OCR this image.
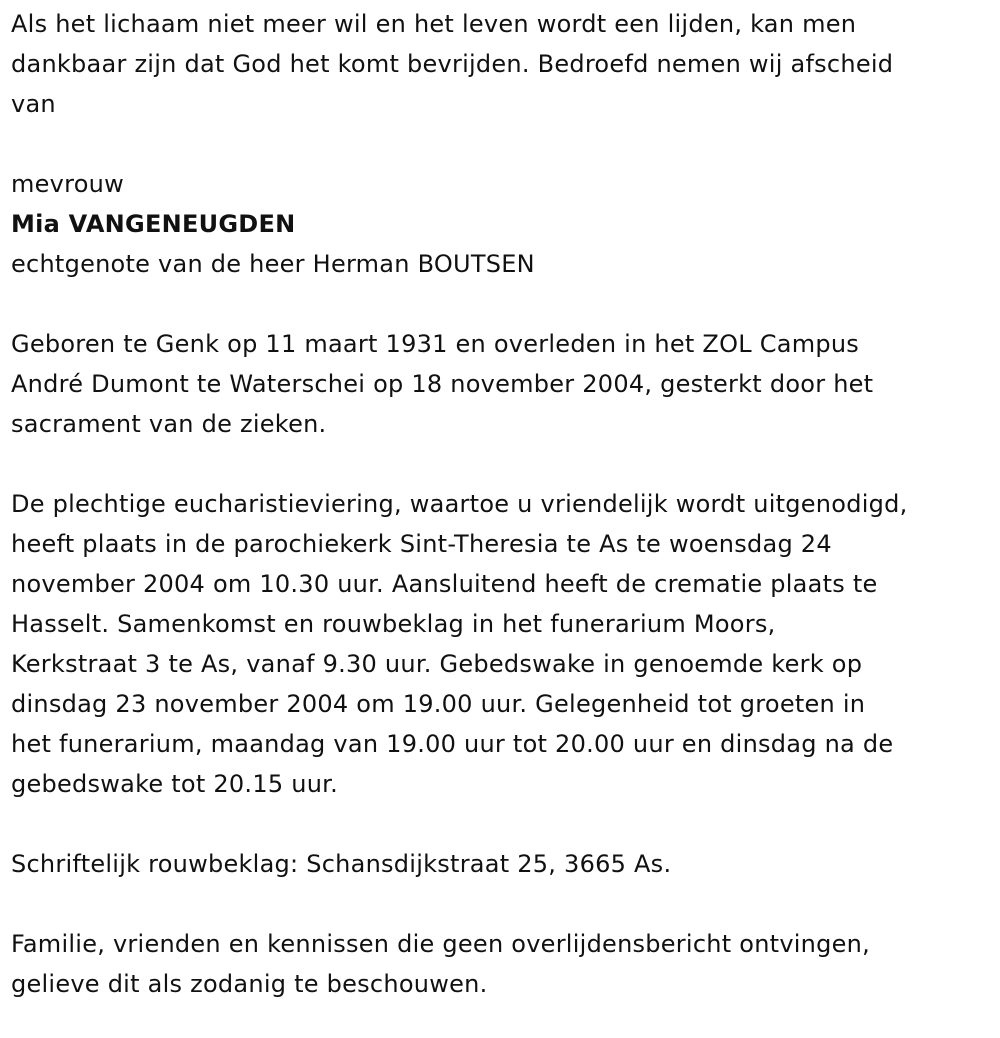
Als het lichaam niet meer wil en het leven wordt een lijden, kan men
dankbaar zijn dat God het komt bevrijden. Bedroefd nemen wij afscheid
van

mevrouw

Mia VANGENEUGDEN

echtgenote van de heer Herman BOUTSEN

Geboren te Genk op 11 maart 1931 en overleden in het ZOL Campus
André Dumont te Waterschei op 18 november 2004, gesterkt door het
sacrament van de zieken.

De plechtige eucharistieviering, waartoe u vriendelijk wordt uitgenodigd,
heeft plaats in de parochiekerk Sint-Theresia te As te woensdag 24
november 2004 om 10.30 uur. Aansluitend heeft de crematie plaats te
Hasselt. Samenkomst en rouwbeklag in het funerarium Moors,
Kerkstraat 3 te As, vanaf 9.30 uur. Gebedswake in genoemde kerk op
dinsdag 23 november 2004 om 19.00 uur. Gelegenheid tot groeten in
het funerarium, maandag van 19.00 uur tot 20.00 uur en dinsdag na de
gebedswake tot 20.15 uur.

Schriftelijk rouwbeklag: Schansdijkstraat 25, 3665 As.

Familie, vrienden en kennissen die geen overlijdensbericht ontvingen,
gelieve dit als zodanig te beschouwen.
